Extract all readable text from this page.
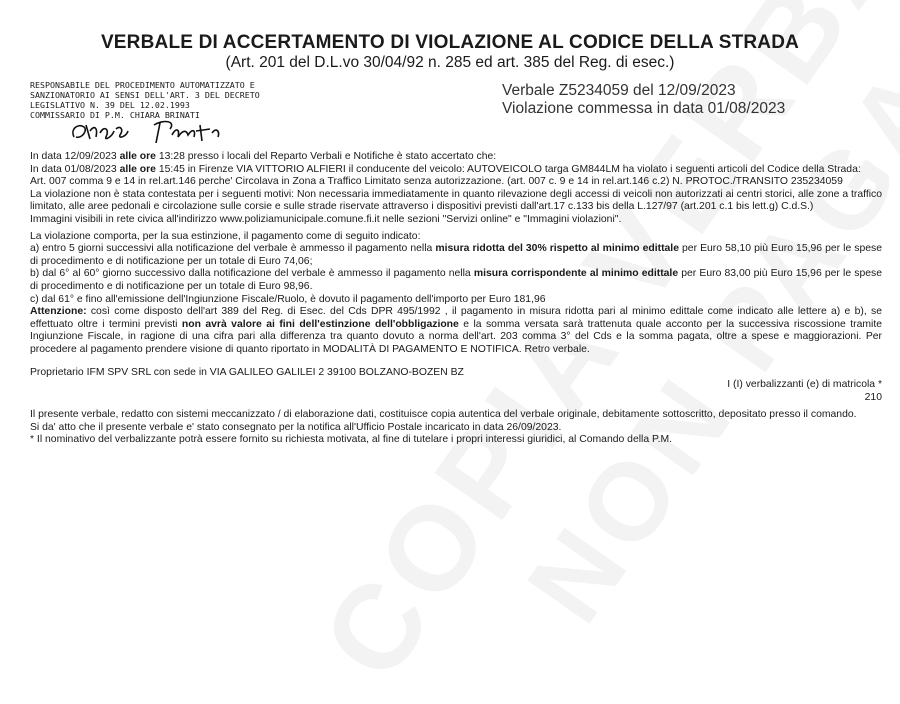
VERBALE DI ACCERTAMENTO DI VIOLAZIONE AL CODICE DELLA STRADA
(Art. 201 del D.L.vo 30/04/92 n. 285 ed art. 385 del Reg. di esec.)
RESPONSABILE DEL PROCEDIMENTO AUTOMATIZZATO E
SANZIONATORIO AI SENSI DELL'ART. 3 DEL DECRETO
LEGISLATIVO N. 39 DEL 12.02.1993
COMMISSARIO DI P.M. CHIARA BRINATI
Verbale Z5234059 del 12/09/2023
Violazione commessa in data 01/08/2023

In data 12/09/2023 alle ore 13:28 presso i locali del Reparto Verbali e Notifiche è stato accertato che:

In data 01/08/2023 alle ore 15:45 in Firenze VIA VITTORIO ALFIERI il conducente del veicolo: AUTOVEICOLO targa GM844LM ha violato i seguenti articoli del Codice della Strada:

Art. 007 comma 9 e 14 in rel.art.146 perche' Circolava in Zona a Traffico Limitato senza autorizzazione. (art. 007 c. 9 e 14 in rel.art.146 c.2) N. PROTOC./TRANSITO 235234059

La violazione non è stata contestata per i seguenti motivi: Non necessaria immediatamente in quanto rilevazione degli accessi di veicoli non autorizzati ai centri storici, alle zone a traffico limitato, alle aree pedonali e circolazione sulle corsie e sulle strade riservate attraverso i dispositivi previsti dall'art.17 c.133 bis della L.127/97 (art.201 c.1 bis lett.g) C.d.S.)

Immagini visibili in rete civica all'indirizzo www.poliziamunicipale.comune.fi.it nelle sezioni "Servizi online" e "Immagini violazioni".

La violazione comporta, per la sua estinzione, il pagamento come di seguito indicato:

a) entro 5 giorni successivi alla notificazione del verbale è ammesso il pagamento nella misura ridotta del 30% rispetto al minimo edittale per Euro 58,10 più Euro 15,96 per le spese di procedimento e di notificazione per un totale di Euro 74,06;

b) dal 6° al 60° giorno successivo dalla notificazione del verbale è ammesso il pagamento nella misura corrispondente al minimo edittale per Euro 83,00 più Euro 15,96 per le spese di procedimento e di notificazione per un totale di Euro 98,96.

c) dal 61° e fino all'emissione dell'Ingiunzione Fiscale/Ruolo, è dovuto il pagamento dell'importo per Euro 181,96

Attenzione: così come disposto dell'art 389 del Reg. di Esec. del Cds DPR 495/1992 , il pagamento in misura ridotta pari al minimo edittale come indicato alle lettere a) e b), se effettuato oltre i termini previsti non avrà valore ai fini dell'estinzione dell'obbligazione e la somma versata sarà trattenuta quale acconto per la successiva riscossione tramite Ingiunzione Fiscale, in ragione di una cifra pari alla differenza tra quanto dovuto a norma dell'art. 203 comma 3° del Cds e la somma pagata, oltre a spese e maggiorazioni. Per procedere al pagamento prendere visione di quanto riportato in MODALITÀ DI PAGAMENTO E NOTIFICA. Retro verbale.

Proprietario IFM SPV SRL con sede in VIA GALILEO GALILEI 2 39100 BOLZANO-BOZEN BZ

I (I) verbalizzanti (e) di matricola *

210

Il presente verbale, redatto con sistemi meccanizzato / di elaborazione dati, costituisce copia autentica del verbale originale, debitamente sottoscritto, depositato presso il comando.

Si da' atto che il presente verbale e' stato consegnato per la notifica all'Ufficio Postale incaricato in data 26/09/2023.

* Il nominativo del verbalizzante potrà essere fornito su richiesta motivata, al fine di tutelare i propri interessi giuridici, al Comando della P.M.
